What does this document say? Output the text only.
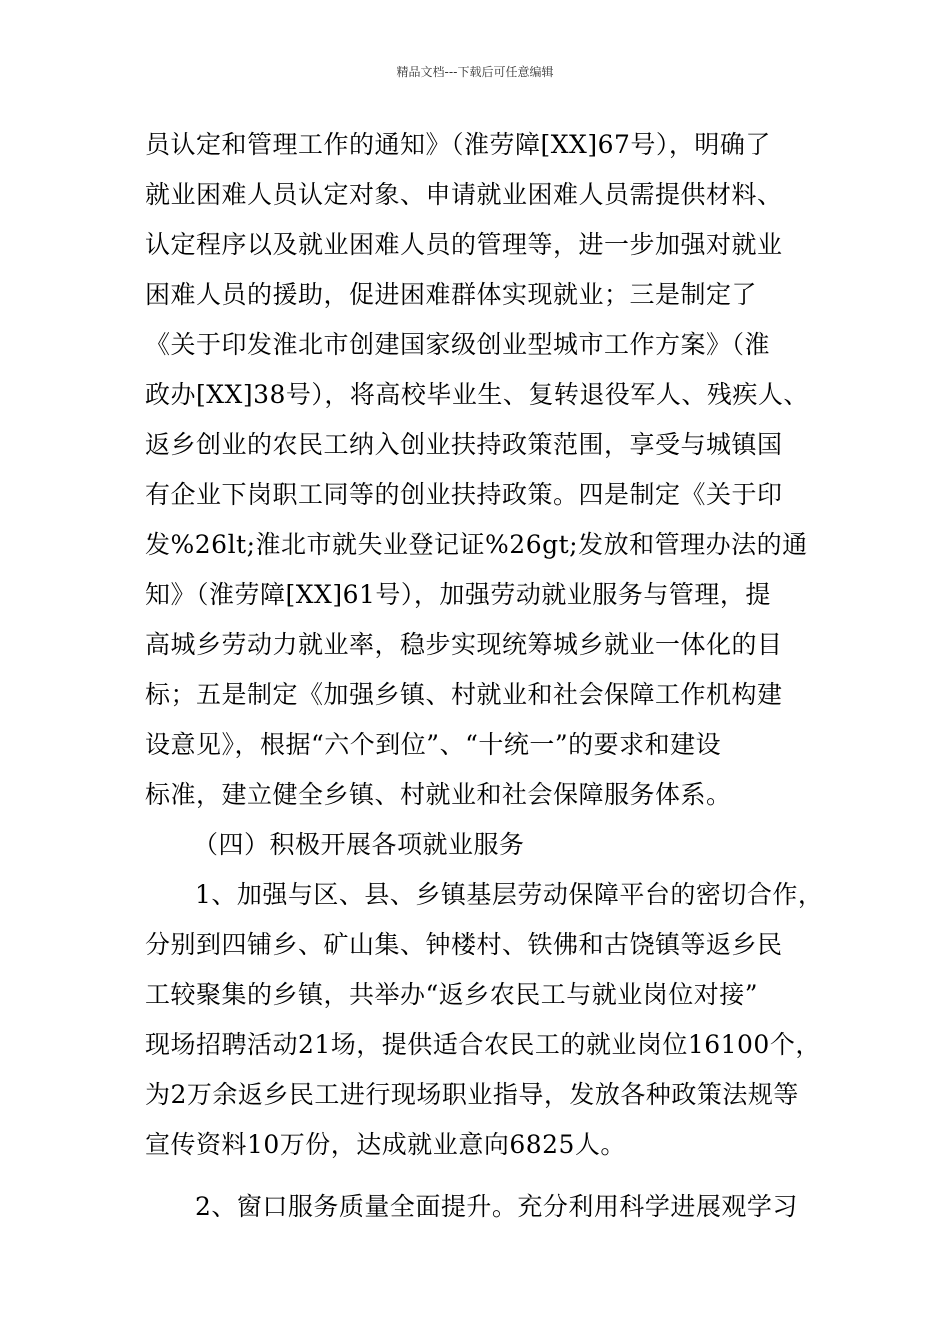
精品文档---下载后可任意编辑
员认定和管理工作的通知》（淮劳障[XX]67号），明确了
就业困难人员认定对象、申请就业困难人员需提供材料、
认定程序以及就业困难人员的管理等，进一步加强对就业
困难人员的援助，促进困难群体实现就业；三是制定了
《关于印发淮北市创建国家级创业型城市工作方案》（淮
政办[XX]38号），将高校毕业生、复转退役军人、残疾人、
返乡创业的农民工纳入创业扶持政策范围，享受与城镇国
有企业下岗职工同等的创业扶持政策。四是制定《关于印
发%26lt;淮北市就失业登记证%26gt;发放和管理办法的通
知》（淮劳障[XX]61号），加强劳动就业服务与管理，提
高城乡劳动力就业率，稳步实现统筹城乡就业一体化的目
标；五是制定《加强乡镇、村就业和社会保障工作机构建
设意见》，根据“六个到位”、“十统一”的要求和建设
标准，建立健全乡镇、村就业和社会保障服务体系。
（四）积极开展各项就业服务
1、加强与区、县、乡镇基层劳动保障平台的密切合作，
分别到四铺乡、矿山集、钟楼村、铁佛和古饶镇等返乡民
工较聚集的乡镇，共举办“返乡农民工与就业岗位对接”
现场招聘活动21场，提供适合农民工的就业岗位16100个，
为2万余返乡民工进行现场职业指导，发放各种政策法规等
宣传资料10万份，达成就业意向6825人。
2、窗口服务质量全面提升。充分利用科学进展观学习
